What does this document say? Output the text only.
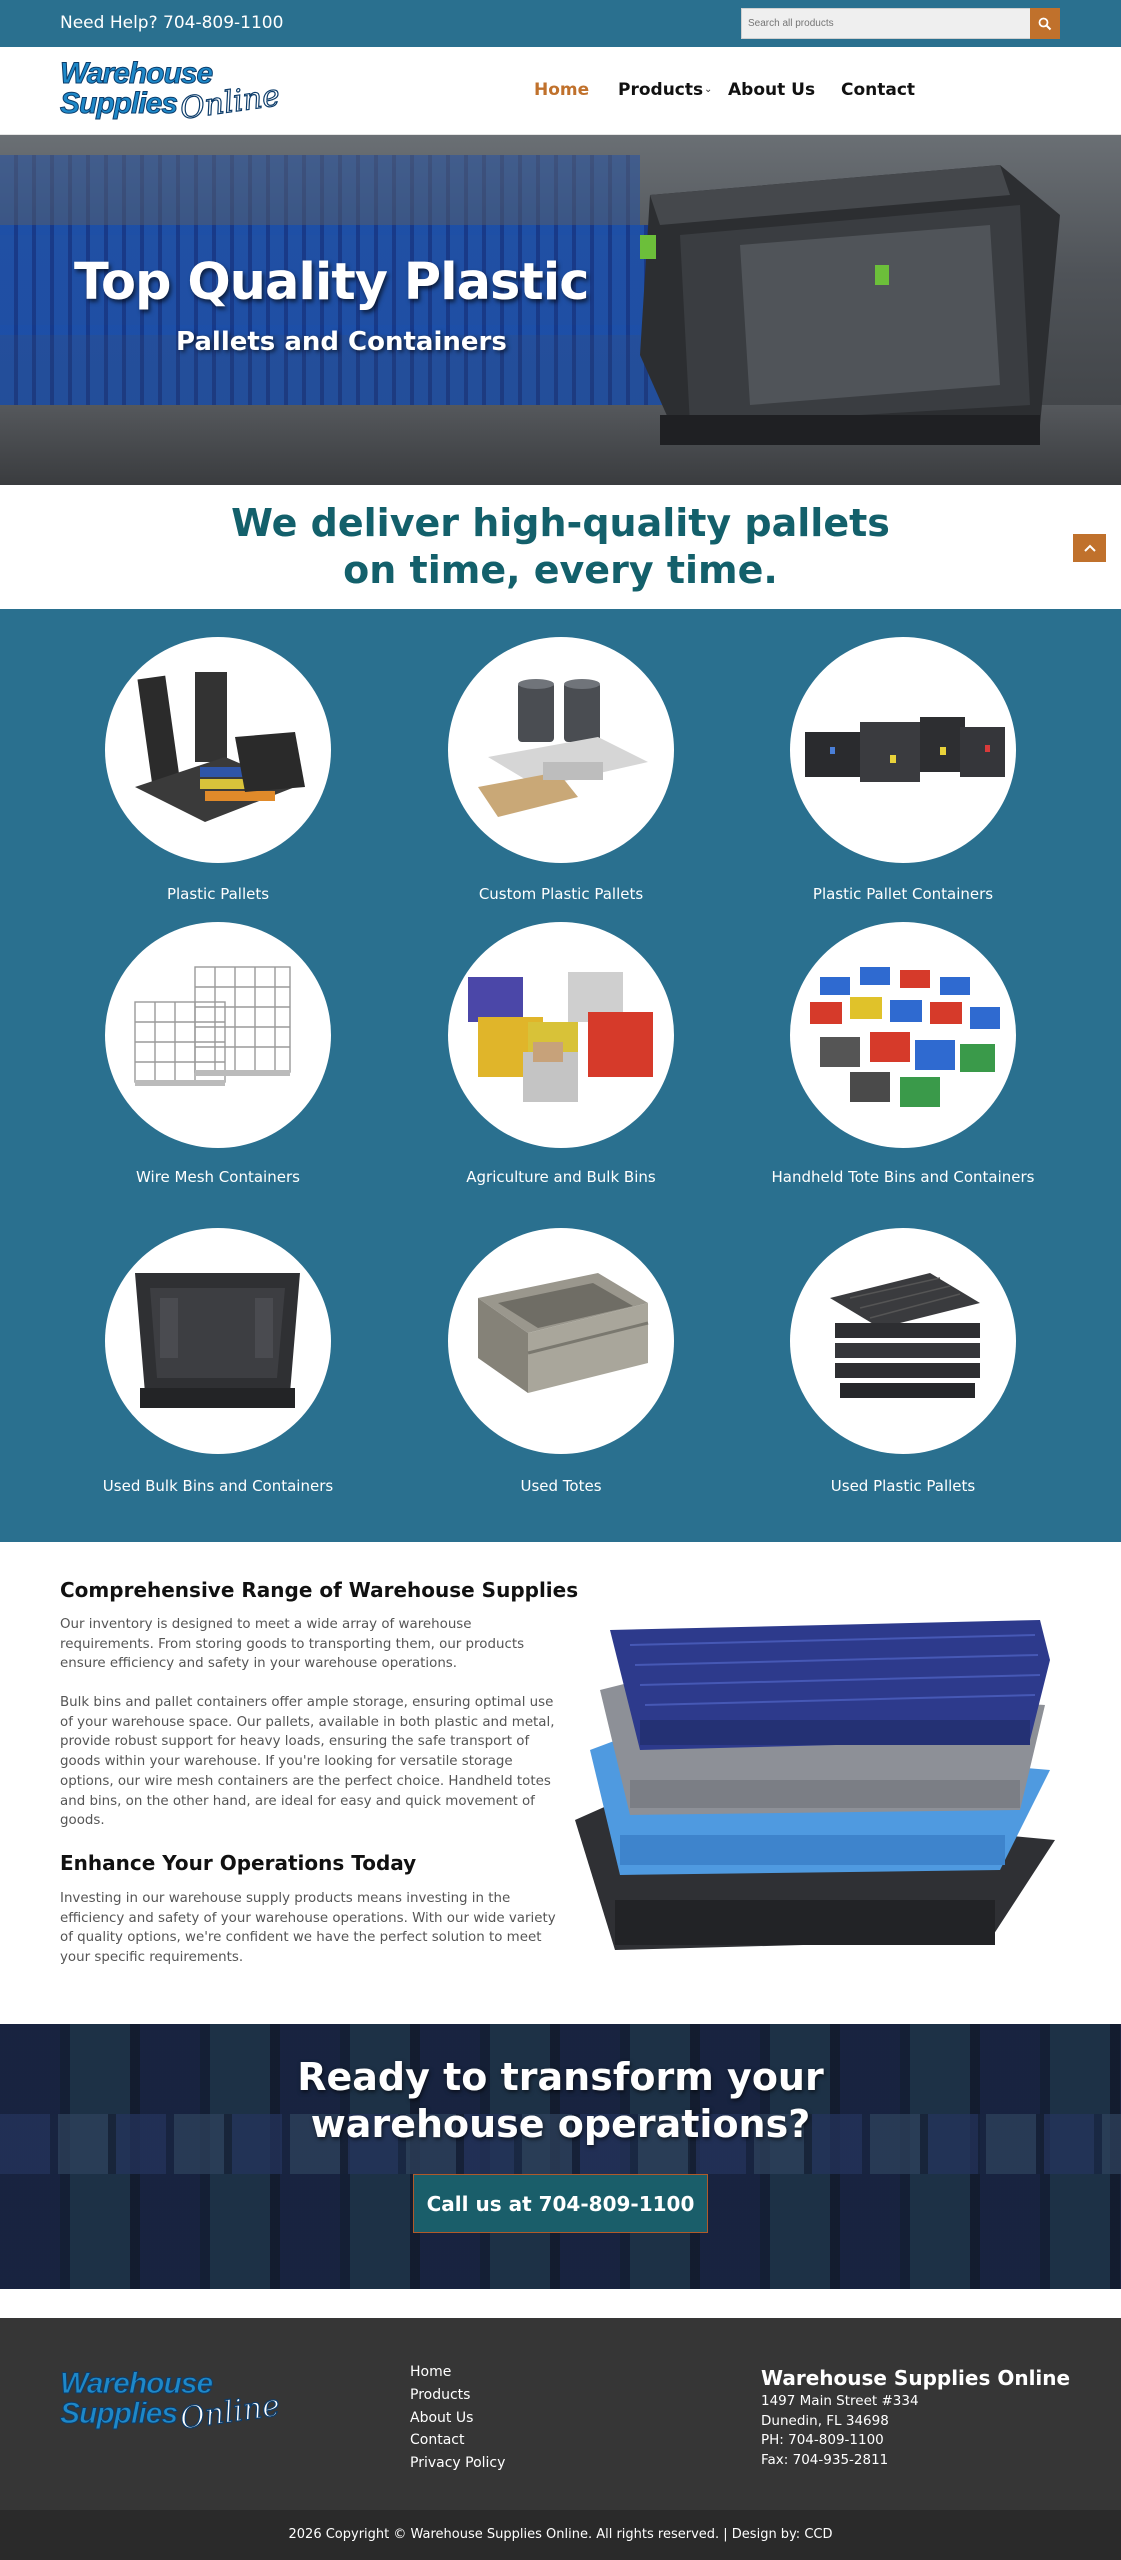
Need Help? 704-809-1100
Search all products
Warehouse
Supplies Online	Home Products ⌄ About Us Contact
Top Quality Plastic
Pallets and Containers
We deliver high-quality pallets
on time, every time.
Plastic Pallets	Custom Plastic Pallets	Plastic Pallet Containers
Wire Mesh Containers	Agriculture and Bulk Bins	Handheld Tote Bins and Containers
Used Bulk Bins and Containers	Used Totes	Used Plastic Pallets
Comprehensive Range of Warehouse Supplies
Our inventory is designed to meet a wide array of warehouse
requirements. From storing goods to transporting them, our products
ensure efficiency and safety in your warehouse operations.
Bulk bins and pallet containers offer ample storage, ensuring optimal use
of your warehouse space. Our pallets, available in both plastic and metal,
provide robust support for heavy loads, ensuring the safe transport of
goods within your warehouse. If you're looking for versatile storage
options, our wire mesh containers are the perfect choice. Handheld totes
and bins, on the other hand, are ideal for easy and quick movement of
goods.
Enhance Your Operations Today
Investing in our warehouse supply products means investing in the
efficiency and safety of your warehouse operations. With our wide variety
of quality options, we're confident we have the perfect solution to meet
your specific requirements.
Ready to transform your
warehouse operations?
Call us at 704-809-1100
Warehouse
Supplies Online
Home
Products
About Us
Contact
Privacy Policy
Warehouse Supplies Online
1497 Main Street #334
Dunedin, FL 34698
PH: 704-809-1100
Fax: 704-935-2811
2026 Copyright © Warehouse Supplies Online. All rights reserved. | Design by: CCD
